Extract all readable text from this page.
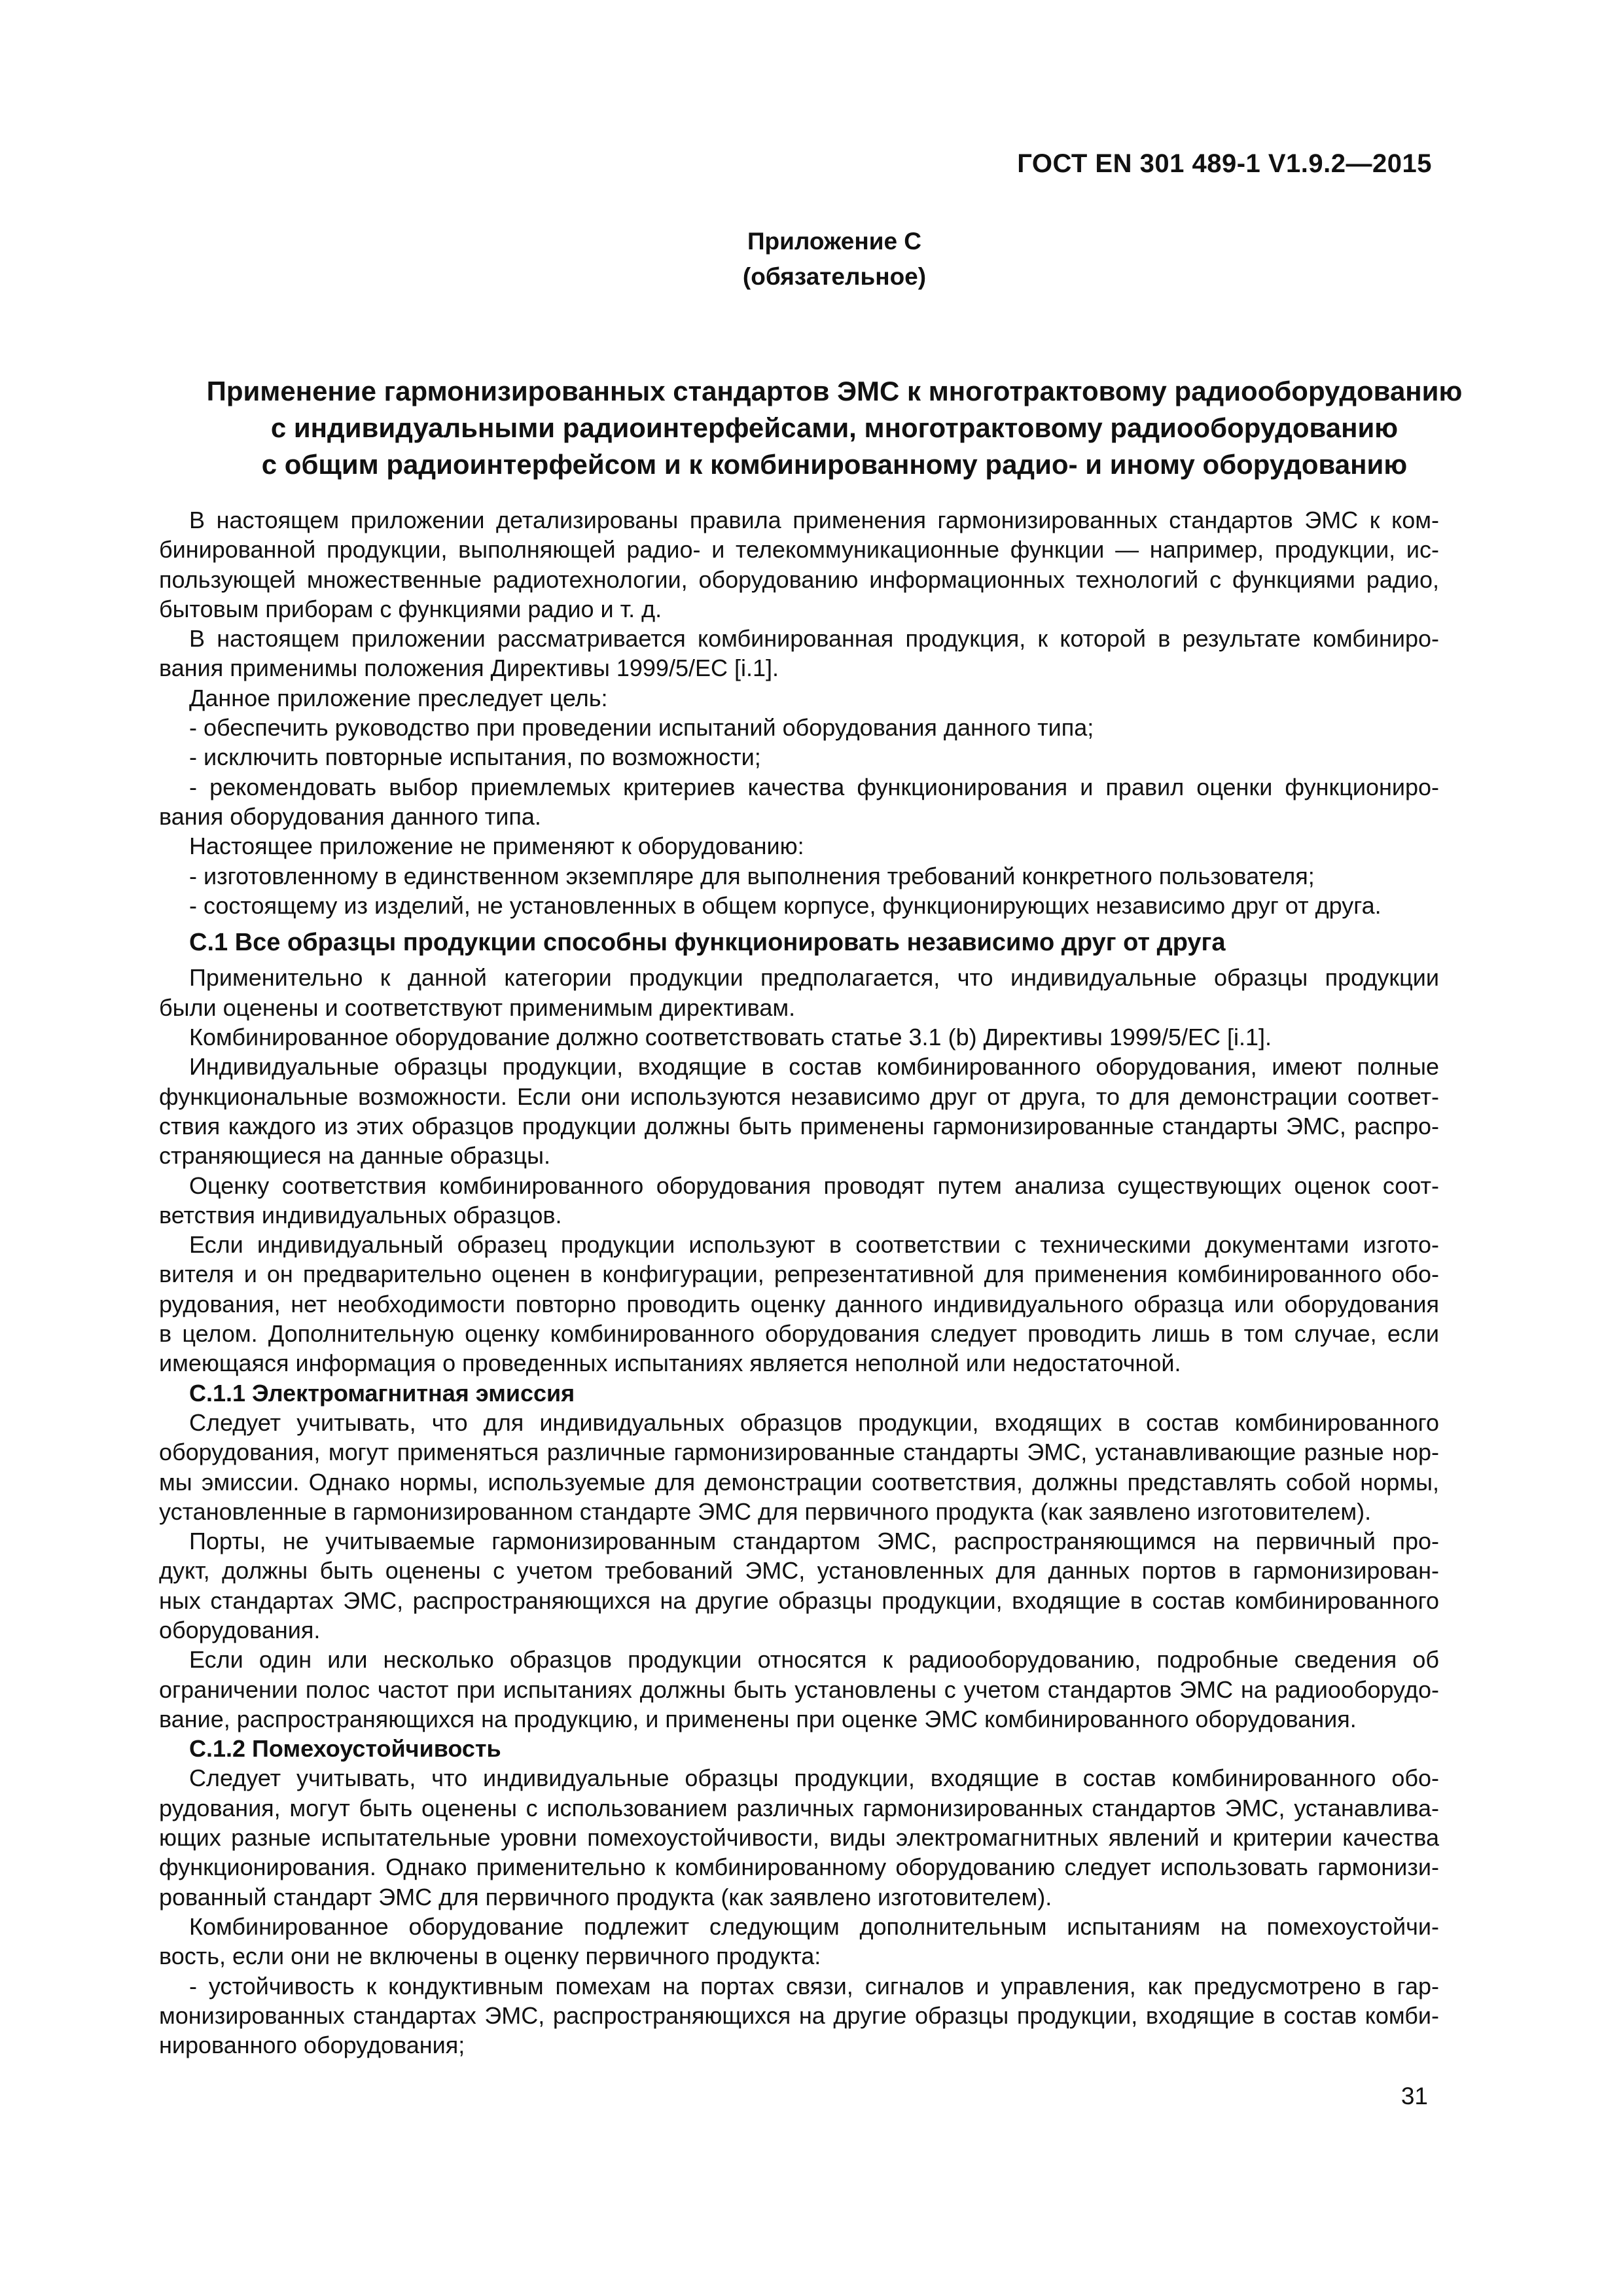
ГОСТ EN 301 489-1 V1.9.2—2015
Приложение С
(обязательное)
Применение гармонизированных стандартов ЭМС к многотрактовому радиооборудованию
с индивидуальными радиоинтерфейсами, многотрактовому радиооборудованию
с общим радиоинтерфейсом и к комбинированному радио- и иному оборудованию
В настоящем приложении детализированы правила применения гармонизированных стандартов ЭМС к ком-
бинированной продукции, выполняющей радио- и телекоммуникационные функции — например, продукции, ис-
пользующей множественные радиотехнологии, оборудованию информационных технологий с функциями радио,
бытовым приборам с функциями радио и т. д.
В настоящем приложении рассматривается комбинированная продукция, к которой в результате комбиниро-
вания применимы положения Директивы 1999/5/ЕС [i.1].
Данное приложение преследует цель:
- обеспечить руководство при проведении испытаний оборудования данного типа;
- исключить повторные испытания, по возможности;
- рекомендовать выбор приемлемых критериев качества функционирования и правил оценки функциониро-
вания оборудования данного типа.
Настоящее приложение не применяют к оборудованию:
- изготовленному в единственном экземпляре для выполнения требований конкретного пользователя;
- состоящему из изделий, не установленных в общем корпусе, функционирующих независимо друг от друга.
С.1 Все образцы продукции способны функционировать независимо друг от друга
Применительно к данной категории продукции предполагается, что индивидуальные образцы продукции
были оценены и соответствуют применимым директивам.
Комбинированное оборудование должно соответствовать статье 3.1 (b) Директивы 1999/5/ЕС [i.1].
Индивидуальные образцы продукции, входящие в состав комбинированного оборудования, имеют полные
функциональные возможности. Если они используются независимо друг от друга, то для демонстрации соответ-
ствия каждого из этих образцов продукции должны быть применены гармонизированные стандарты ЭМС, распро-
страняющиеся на данные образцы.
Оценку соответствия комбинированного оборудования проводят путем анализа существующих оценок соот-
ветствия индивидуальных образцов.
Если индивидуальный образец продукции используют в соответствии с техническими документами изгото-
вителя и он предварительно оценен в конфигурации, репрезентативной для применения комбинированного обо-
рудования, нет необходимости повторно проводить оценку данного индивидуального образца или оборудования
в целом. Дополнительную оценку комбинированного оборудования следует проводить лишь в том случае, если
имеющаяся информация о проведенных испытаниях является неполной или недостаточной.
С.1.1 Электромагнитная эмиссия
Следует учитывать, что для индивидуальных образцов продукции, входящих в состав комбинированного
оборудования, могут применяться различные гармонизированные стандарты ЭМС, устанавливающие разные нор-
мы эмиссии. Однако нормы, используемые для демонстрации соответствия, должны представлять собой нормы,
установленные в гармонизированном стандарте ЭМС для первичного продукта (как заявлено изготовителем).
Порты, не учитываемые гармонизированным стандартом ЭМС, распространяющимся на первичный про-
дукт, должны быть оценены с учетом требований ЭМС, установленных для данных портов в гармонизирован-
ных стандартах ЭМС, распространяющихся на другие образцы продукции, входящие в состав комбинированного
оборудования.
Если один или несколько образцов продукции относятся к радиооборудованию, подробные сведения об
ограничении полос частот при испытаниях должны быть установлены с учетом стандартов ЭМС на радиооборудо-
вание, распространяющихся на продукцию, и применены при оценке ЭМС комбинированного оборудования.
С.1.2 Помехоустойчивость
Следует учитывать, что индивидуальные образцы продукции, входящие в состав комбинированного обо-
рудования, могут быть оценены с использованием различных гармонизированных стандартов ЭМС, устанавлива-
ющих разные испытательные уровни помехоустойчивости, виды электромагнитных явлений и критерии качества
функционирования. Однако применительно к комбинированному оборудованию следует использовать гармонизи-
рованный стандарт ЭМС для первичного продукта (как заявлено изготовителем).
Комбинированное оборудование подлежит следующим дополнительным испытаниям на помехоустойчи-
вость, если они не включены в оценку первичного продукта:
- устойчивость к кондуктивным помехам на портах связи, сигналов и управления, как предусмотрено в гар-
монизированных стандартах ЭМС, распространяющихся на другие образцы продукции, входящие в состав комби-
нированного оборудования;
31
